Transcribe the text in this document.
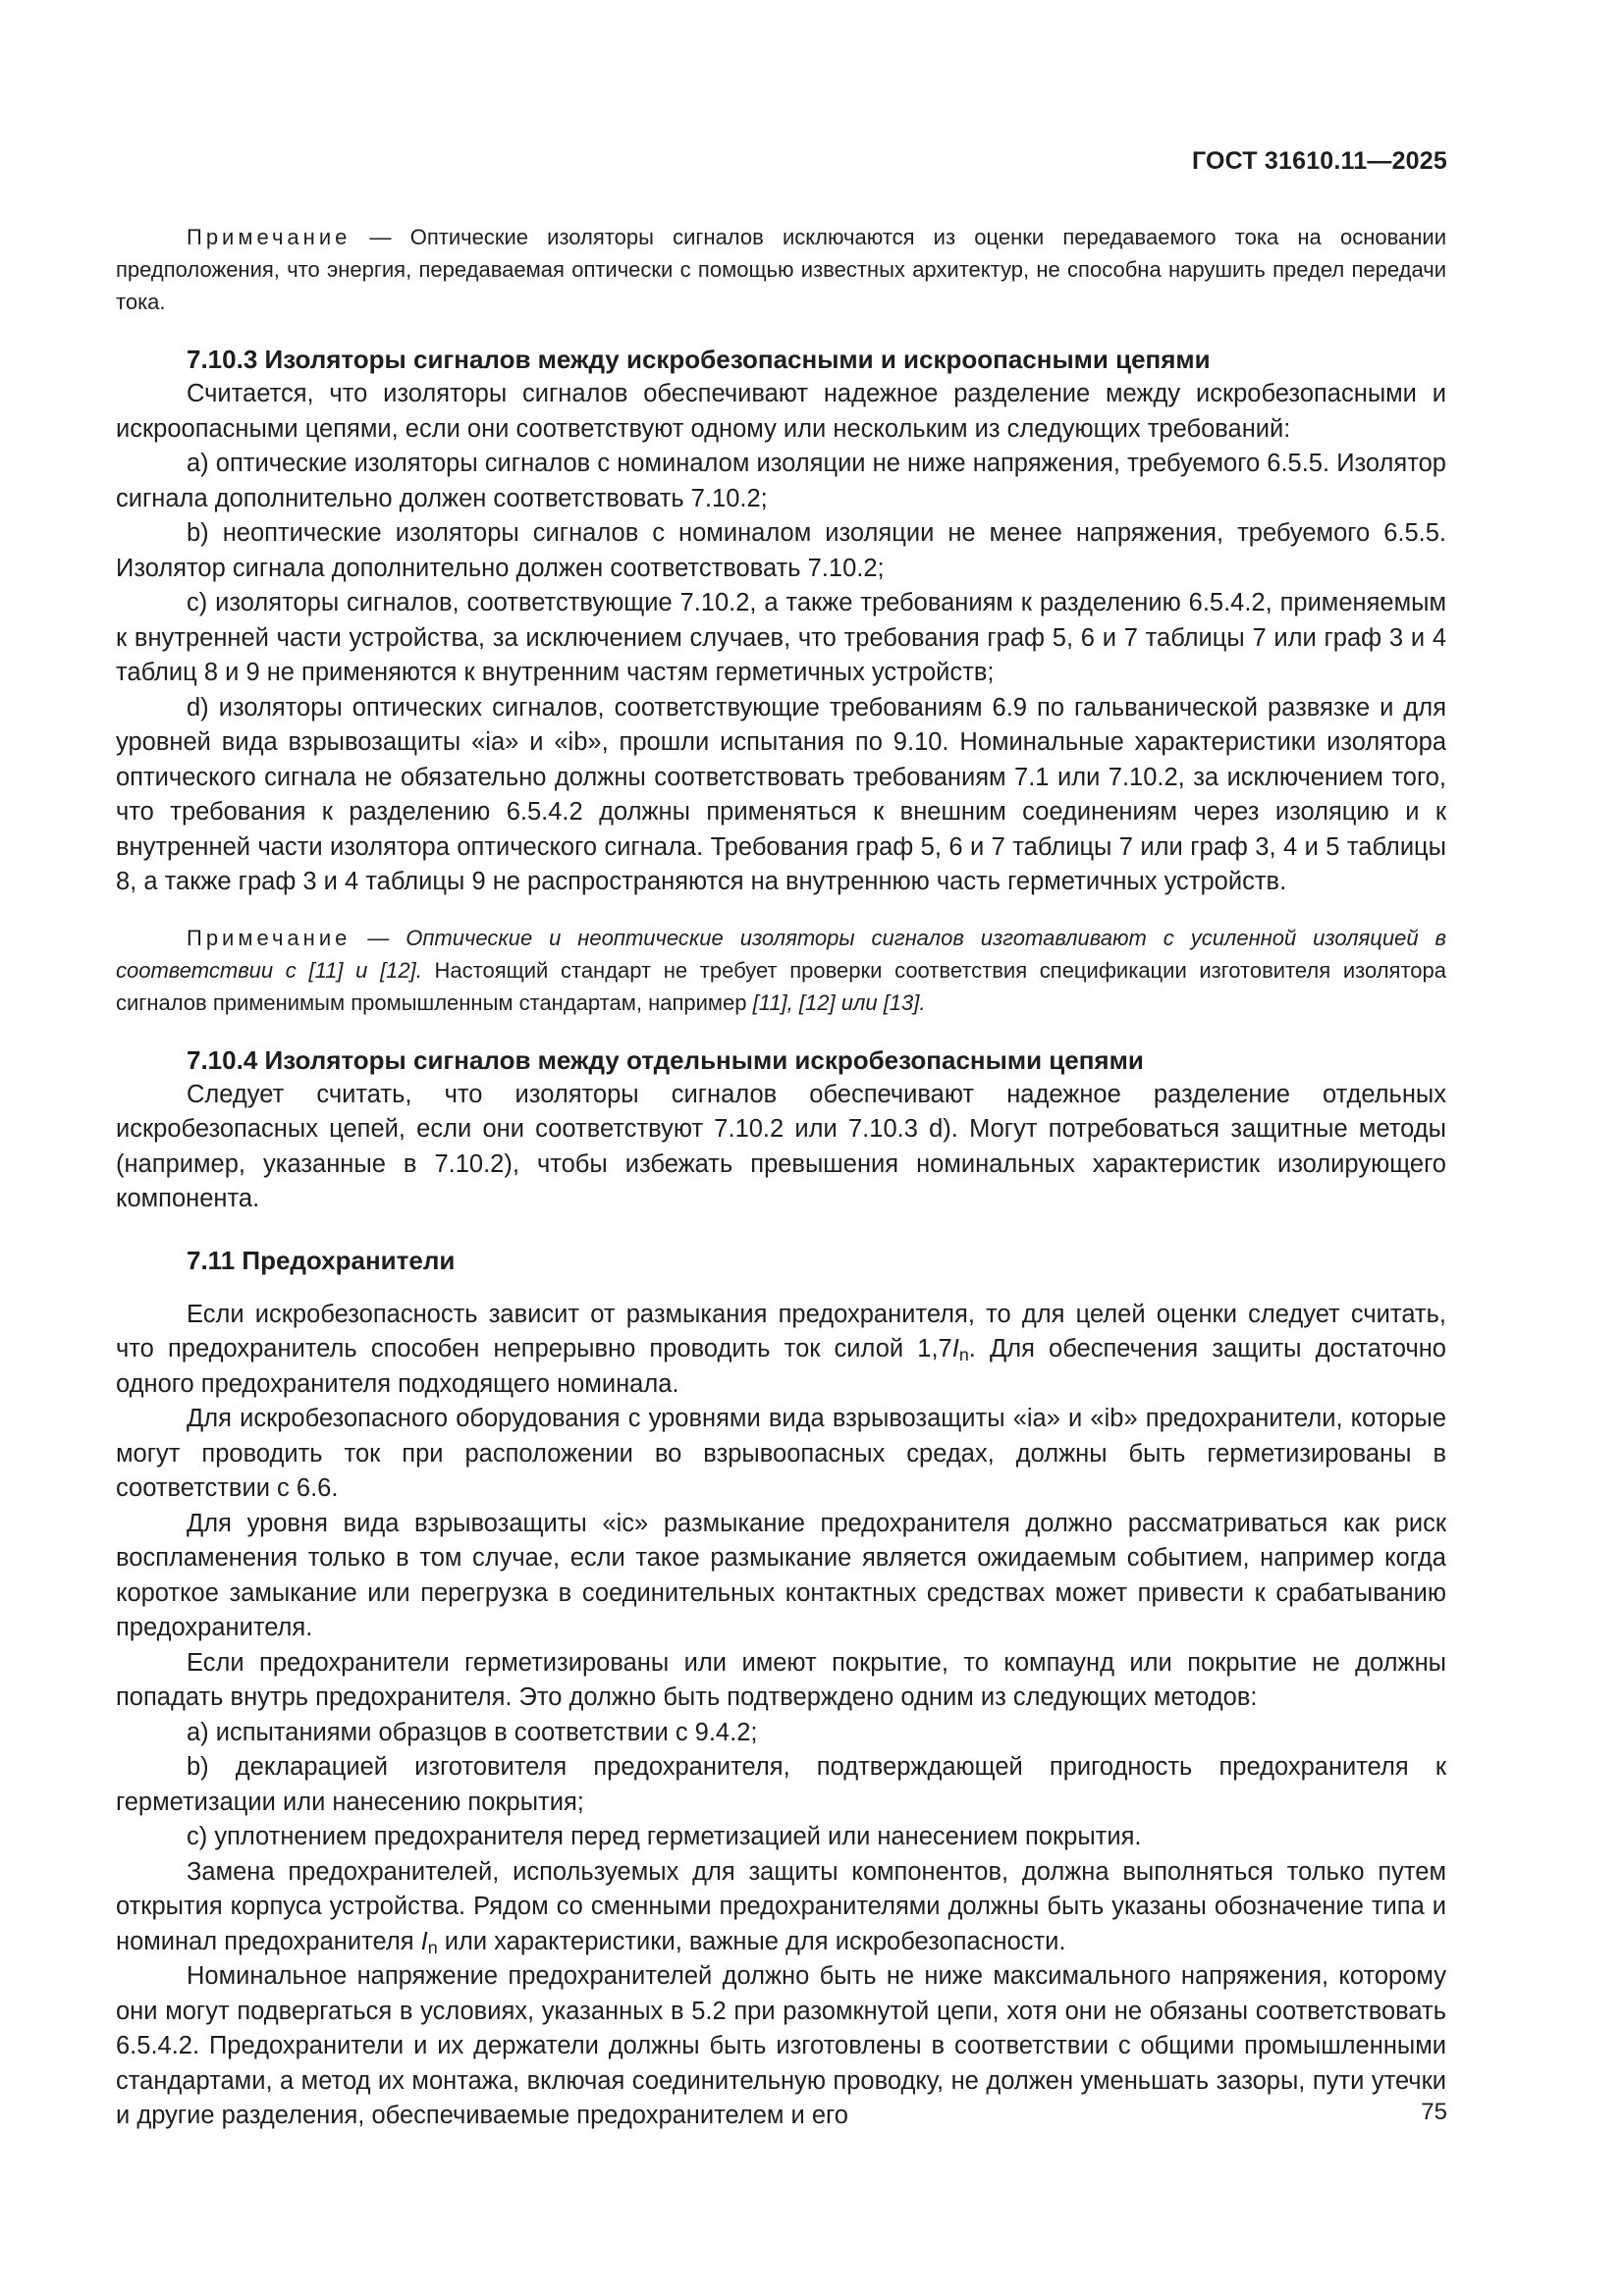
ГОСТ 31610.11—2025

Примечание — Оптические изоляторы сигналов исключаются из оценки передаваемого тока на основании предположения, что энергия, передаваемая оптически с помощью известных архитектур, не способна нарушить предел передачи тока.

7.10.3 Изоляторы сигналов между искробезопасными и искроопасными цепями

Считается, что изоляторы сигналов обеспечивают надежное разделение между искробезопасными и искроопасными цепями, если они соответствуют одному или нескольким из следующих требований:

a) оптические изоляторы сигналов с номиналом изоляции не ниже напряжения, требуемого 6.5.5. Изолятор сигнала дополнительно должен соответствовать 7.10.2;

b) неоптические изоляторы сигналов с номиналом изоляции не менее напряжения, требуемого 6.5.5. Изолятор сигнала дополнительно должен соответствовать 7.10.2;

c) изоляторы сигналов, соответствующие 7.10.2, а также требованиям к разделению 6.5.4.2, применяемым к внутренней части устройства, за исключением случаев, что требования граф 5, 6 и 7 таблицы 7 или граф 3 и 4 таблиц 8 и 9 не применяются к внутренним частям герметичных устройств;

d) изоляторы оптических сигналов, соответствующие требованиям 6.9 по гальванической развязке и для уровней вида взрывозащиты «ia» и «ib», прошли испытания по 9.10. Номинальные характеристики изолятора оптического сигнала не обязательно должны соответствовать требованиям 7.1 или 7.10.2, за исключением того, что требования к разделению 6.5.4.2 должны применяться к внешним соединениям через изоляцию и к внутренней части изолятора оптического сигнала. Требования граф 5, 6 и 7 таблицы 7 или граф 3, 4 и 5 таблицы 8, а также граф 3 и 4 таблицы 9 не распространяются на внутреннюю часть герметичных устройств.

Примечание — Оптические и неоптические изоляторы сигналов изготавливают с усиленной изоляцией в соответствии с [11] и [12]. Настоящий стандарт не требует проверки соответствия спецификации изготовителя изолятора сигналов применимым промышленным стандартам, например [11], [12] или [13].

7.10.4 Изоляторы сигналов между отдельными искробезопасными цепями

Следует считать, что изоляторы сигналов обеспечивают надежное разделение отдельных искробезопасных цепей, если они соответствуют 7.10.2 или 7.10.3 d). Могут потребоваться защитные методы (например, указанные в 7.10.2), чтобы избежать превышения номинальных характеристик изолирующего компонента.

7.11 Предохранители

Если искробезопасность зависит от размыкания предохранителя, то для целей оценки следует считать, что предохранитель способен непрерывно проводить ток силой $1,7I_n$. Для обеспечения защиты достаточно одного предохранителя подходящего номинала.

Для искробезопасного оборудования с уровнями вида взрывозащиты «ia» и «ib» предохранители, которые могут проводить ток при расположении во взрывоопасных средах, должны быть герметизированы в соответствии с 6.6.

Для уровня вида взрывозащиты «ic» размыкание предохранителя должно рассматриваться как риск воспламенения только в том случае, если такое размыкание является ожидаемым событием, например когда короткое замыкание или перегрузка в соединительных контактных средствах может привести к срабатыванию предохранителя.

Если предохранители герметизированы или имеют покрытие, то компаунд или покрытие не должны попадать внутрь предохранителя. Это должно быть подтверждено одним из следующих методов:

a) испытаниями образцов в соответствии с 9.4.2;

b) декларацией изготовителя предохранителя, подтверждающей пригодность предохранителя к герметизации или нанесению покрытия;

c) уплотнением предохранителя перед герметизацией или нанесением покрытия.

Замена предохранителей, используемых для защиты компонентов, должна выполняться только путем открытия корпуса устройства. Рядом со сменными предохранителями должны быть указаны обозначение типа и номинал предохранителя $I_n$ или характеристики, важные для искробезопасности.

Номинальное напряжение предохранителей должно быть не ниже максимального напряжения, которому они могут подвергаться в условиях, указанных в 5.2 при разомкнутой цепи, хотя они не обязаны соответствовать 6.5.4.2. Предохранители и их держатели должны быть изготовлены в соответствии с общими промышленными стандартами, а метод их монтажа, включая соединительную проводку, не должен уменьшать зазоры, пути утечки и другие разделения, обеспечиваемые предохранителем и его	75
